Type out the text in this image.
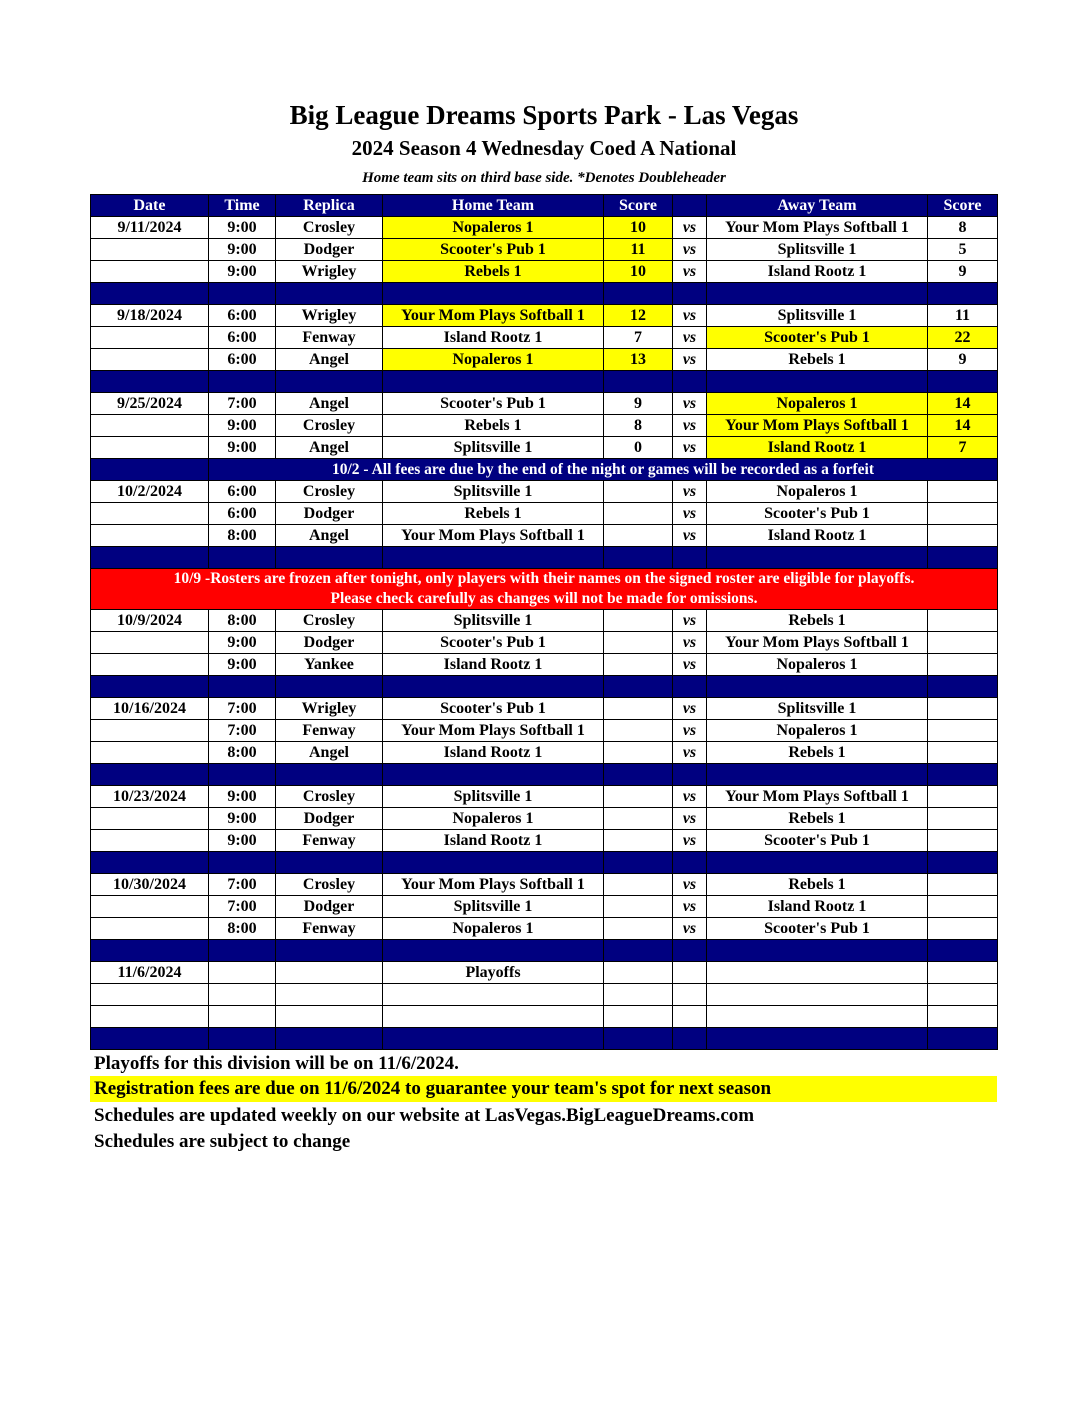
Big League Dreams Sports Park - Las Vegas
2024 Season 4 Wednesday Coed A National
Home team sits on third base side. *Denotes Doubleheader
Date	Time	Replica	Home Team	Score		Away Team	Score
9/11/2024	9:00	Crosley	Nopaleros 1	10	vs	Your Mom Plays Softball 1	8
	9:00	Dodger	Scooter's Pub 1	11	vs	Splitsville 1	5
	9:00	Wrigley	Rebels 1	10	vs	Island Rootz 1	9

9/18/2024	6:00	Wrigley	Your Mom Plays Softball 1	12	vs	Splitsville 1	11
	6:00	Fenway	Island Rootz 1	7	vs	Scooter's Pub 1	22
	6:00	Angel	Nopaleros 1	13	vs	Rebels 1	9

9/25/2024	7:00	Angel	Scooter's Pub 1	9	vs	Nopaleros 1	14
	9:00	Crosley	Rebels 1	8	vs	Your Mom Plays Softball 1	14
	9:00	Angel	Splitsville 1	0	vs	Island Rootz 1	7
	10/2 - All fees are due by the end of the night or games will be recorded as a forfeit						
10/2/2024	6:00	Crosley	Splitsville 1		vs	Nopaleros 1	
	6:00	Dodger	Rebels 1		vs	Scooter's Pub 1	
	8:00	Angel	Your Mom Plays Softball 1		vs	Island Rootz 1	

10/9 -Rosters are frozen after tonight, only players with their names on the signed roster are eligible for playoffs.
Please check carefully as changes will not be made for omissions.							

10/9/2024	8:00	Crosley	Splitsville 1		vs	Rebels 1	
	9:00	Dodger	Scooter's Pub 1		vs	Your Mom Plays Softball 1	
	9:00	Yankee	Island Rootz 1		vs	Nopaleros 1	

10/16/2024	7:00	Wrigley	Scooter's Pub 1		vs	Splitsville 1	
	7:00	Fenway	Your Mom Plays Softball 1		vs	Nopaleros 1	
	8:00	Angel	Island Rootz 1		vs	Rebels 1	

10/23/2024	9:00	Crosley	Splitsville 1		vs	Your Mom Plays Softball 1	
	9:00	Dodger	Nopaleros 1		vs	Rebels 1	
	9:00	Fenway	Island Rootz 1		vs	Scooter's Pub 1	

10/30/2024	7:00	Crosley	Your Mom Plays Softball 1		vs	Rebels 1	
	7:00	Dodger	Splitsville 1		vs	Island Rootz 1	
	8:00	Fenway	Nopaleros 1		vs	Scooter's Pub 1	

11/6/2024			Playoffs				

Playoffs for this division will be on 11/6/2024.
Registration fees are due on 11/6/2024 to guarantee your team's spot for next season
Schedules are updated weekly on our website at LasVegas.BigLeagueDreams.com
Schedules are subject to change
